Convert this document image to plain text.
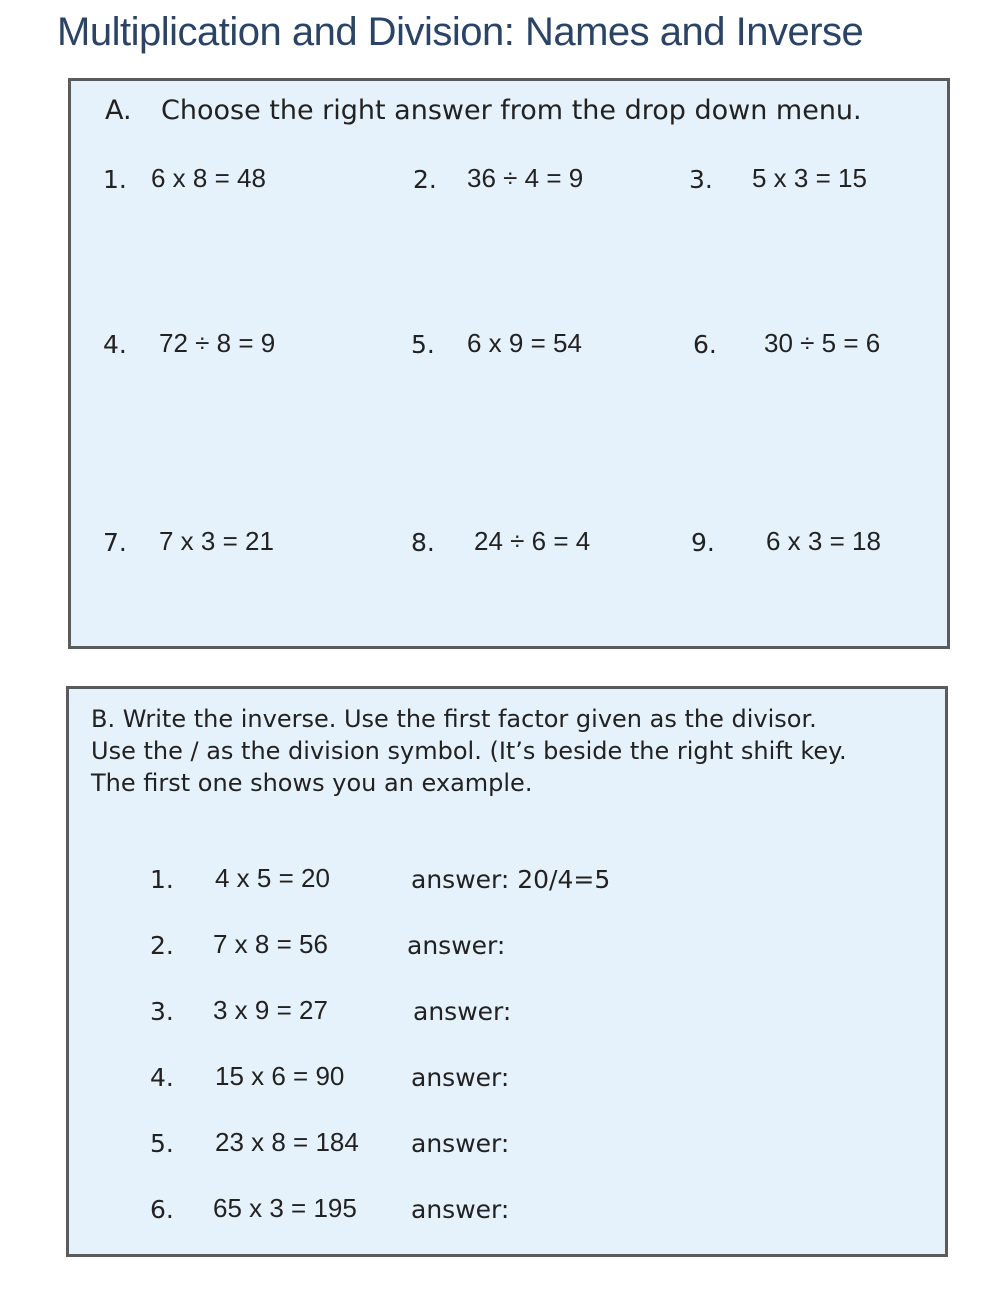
Multiplication and Division: Names and Inverse
A. Choose the right answer from the drop down menu.
1. 6 x 8 = 48	2. 36 ÷ 4 = 9	3. 5 x 3 = 15
4. 72 ÷ 8 = 9	5. 6 x 9 = 54	6. 30 ÷ 5 = 6
7. 7 x 3 = 21	8. 24 ÷ 6 = 4	9. 6 x 3 = 18
B. Write the inverse. Use the first factor given as the divisor.
Use the / as the division symbol. (It’s beside the right shift key.
The first one shows you an example.
1. 4 x 5 = 20	answer: 20/4=5
2. 7 x 8 = 56	answer:
3. 3 x 9 = 27	answer:
4. 15 x 6 = 90	answer:
5. 23 x 8 = 184 answer:
6. 65 x 3 = 195 answer:
